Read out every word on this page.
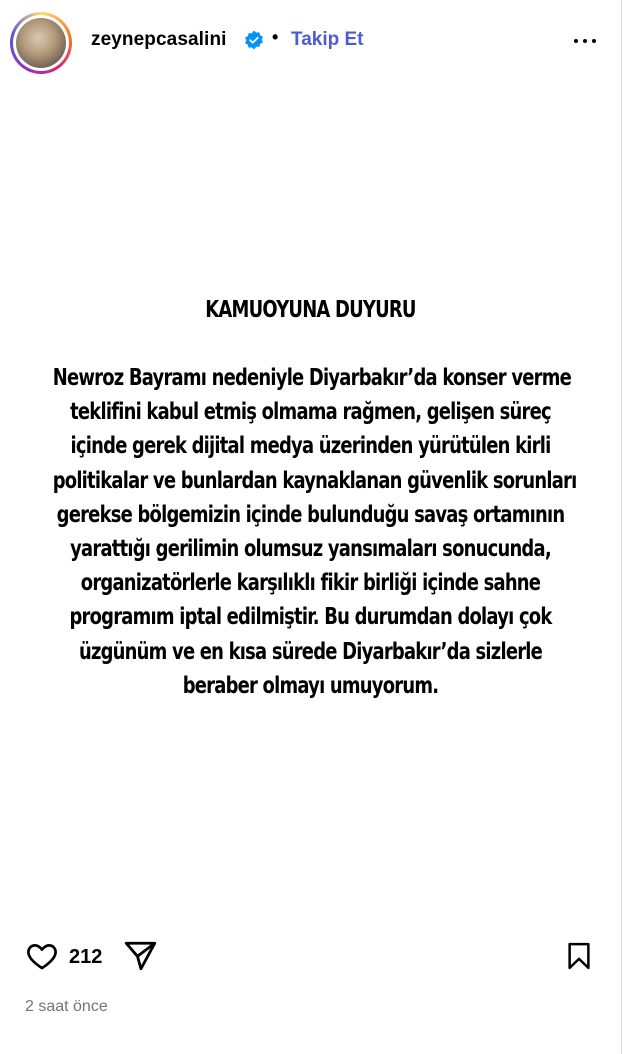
zeynepcasalini	• Takip Et
KAMUOYUNA DUYURU
Newroz Bayramı nedeniyle Diyarbakır’da konser verme
teklifini kabul etmiş olmama rağmen, gelişen süreç
içinde gerek dijital medya üzerinden yürütülen kirli
politikalar ve bunlardan kaynaklanan güvenlik sorunları
gerekse bölgemizin içinde bulunduğu savaş ortamının
yarattığı gerilimin olumsuz yansımaları sonucunda,
organizatörlerle karşılıklı fikir birliği içinde sahne
programım iptal edilmiştir. Bu durumdan dolayı çok
üzgünüm ve en kısa sürede Diyarbakır’da sizlerle
beraber olmayı umuyorum.
212
2 saat önce
